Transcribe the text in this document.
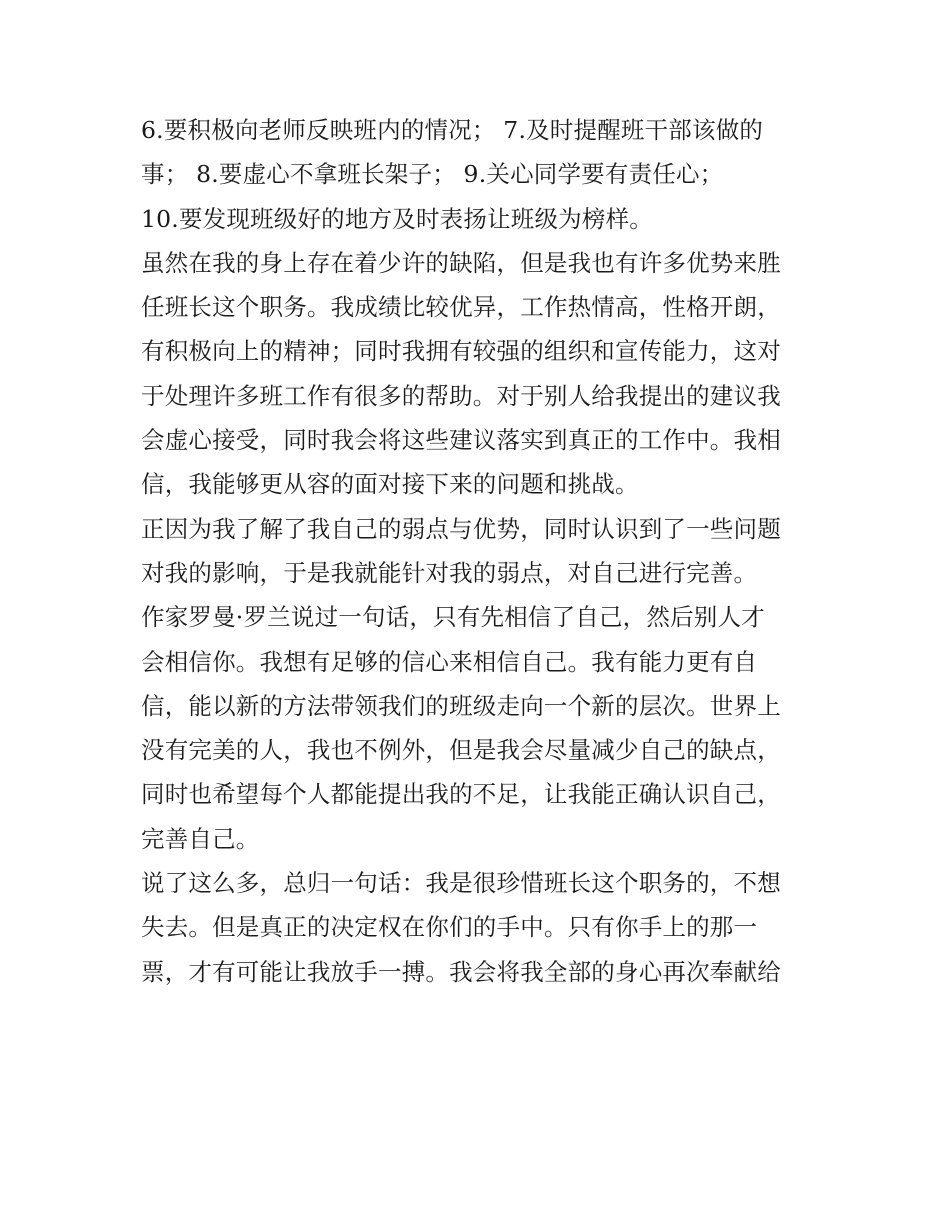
6.要积极向老师反映班内的情况； 7.及时提醒班干部该做的
事； 8.要虚心不拿班长架子； 9.关心同学要有责任心；
10.要发现班级好的地方及时表扬让班级为榜样。
虽然在我的身上存在着少许的缺陷，但是我也有许多优势来胜
任班长这个职务。我成绩比较优异，工作热情高，性格开朗，
有积极向上的精神；同时我拥有较强的组织和宣传能力，这对
于处理许多班工作有很多的帮助。对于别人给我提出的建议我
会虚心接受，同时我会将这些建议落实到真正的工作中。我相
信，我能够更从容的面对接下来的问题和挑战。
正因为我了解了我自己的弱点与优势，同时认识到了一些问题
对我的影响，于是我就能针对我的弱点，对自己进行完善。
作家罗曼·罗兰说过一句话，只有先相信了自己，然后别人才
会相信你。我想有足够的信心来相信自己。我有能力更有自
信，能以新的方法带领我们的班级走向一个新的层次。世界上
没有完美的人，我也不例外，但是我会尽量减少自己的缺点，
同时也希望每个人都能提出我的不足，让我能正确认识自己，
完善自己。
说了这么多，总归一句话：我是很珍惜班长这个职务的，不想
失去。但是真正的决定权在你们的手中。只有你手上的那一
票，才有可能让我放手一搏。我会将我全部的身心再次奉献给
